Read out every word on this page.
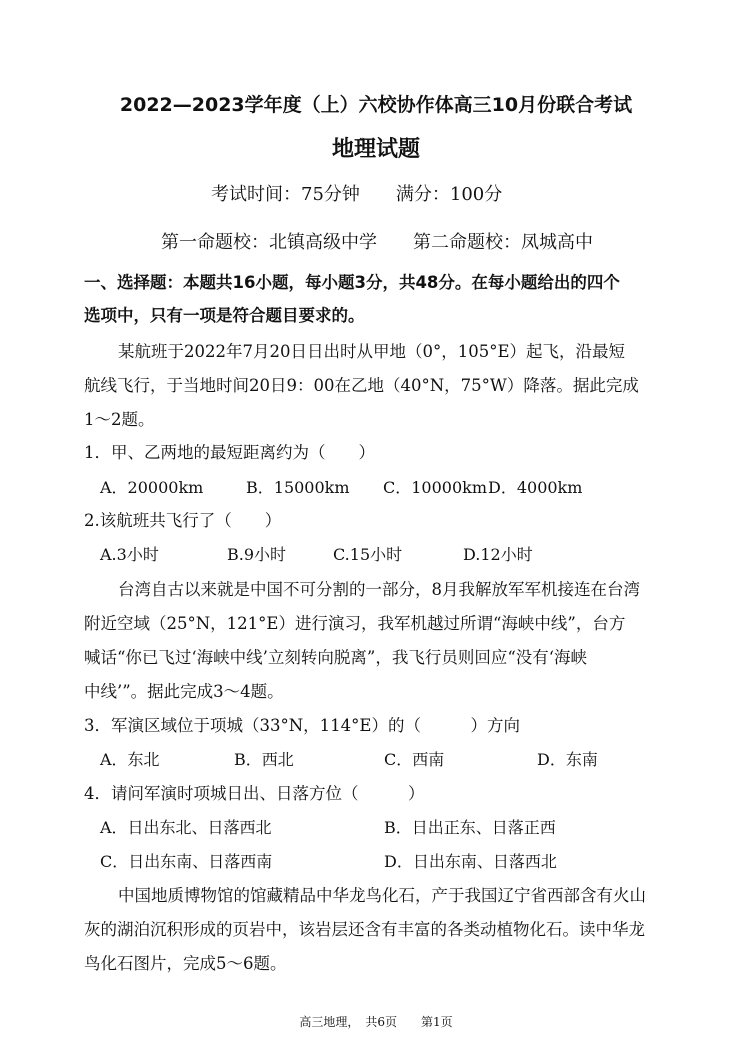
2022—2023学年度（上）六校协作体高三10月份联合考试
地理试题
考试时间：75分钟　　满分：100分
第一命题校：北镇高级中学　　第二命题校：凤城高中
一、选择题：本题共16小题，每小题3分，共48分。在每小题给出的四个
选项中，只有一项是符合题目要求的。
某航班于2022年7月20日日出时从甲地（0°，105°E）起飞，沿最短
航线飞行，于当地时间20日9：00在乙地（40°N，75°W）降落。据此完成
1～2题。
1．甲、乙两地的最短距离约为（　　）
A．20000km	B．15000km C．10000km D．4000km
2.该航班共飞行了（　　）
A.3小时	B.9小时	C.15小时	D.12小时
台湾自古以来就是中国不可分割的一部分，8月我解放军军机接连在台湾
附近空域（25°N，121°E）进行演习，我军机越过所谓“海峡中线”，台方
喊话“你已飞过‘海峡中线’立刻转向脱离”，我飞行员则回应“没有‘海峡
中线’”。据此完成3～4题。
3．军演区域位于项城（33°N，114°E）的（　　　）方向
A．东北	B．西北	C．西南	D．东南
4．请问军演时项城日出、日落方位（　　　）
A．日出东北、日落西北	B．日出正东、日落正西
C．日出东南、日落西南	D．日出东南、日落西北
中国地质博物馆的馆藏精品中华龙鸟化石，产于我国辽宁省西部含有火山
灰的湖泊沉积形成的页岩中，该岩层还含有丰富的各类动植物化石。读中华龙
鸟化石图片，完成5～6题。
高三地理，　共6页　　第1页
